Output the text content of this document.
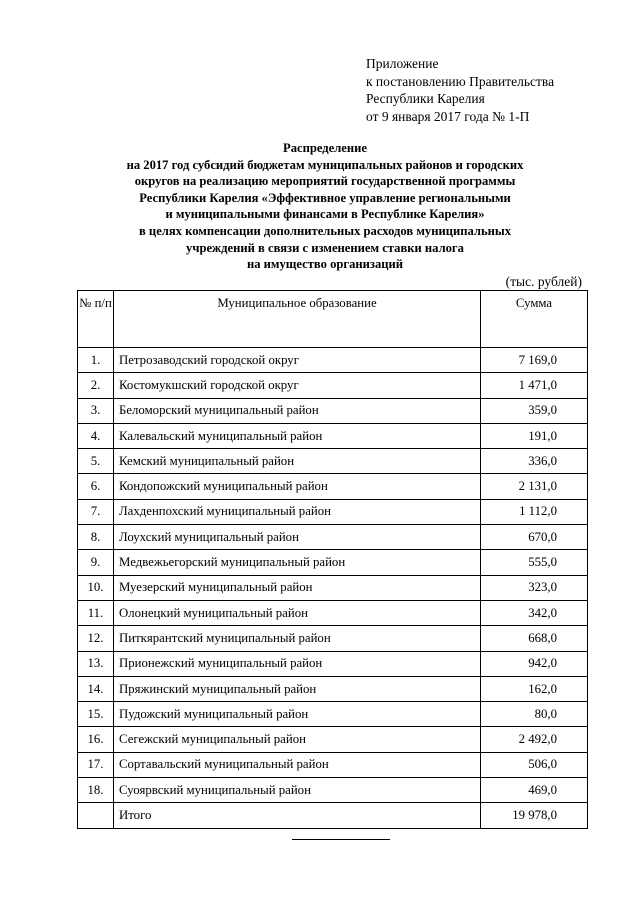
Приложение
к постановлению Правительства
Республики Карелия
от 9 января 2017 года № 1-П
Распределение
на 2017 год субсидий бюджетам муниципальных районов и городских
округов на реализацию мероприятий государственной программы
Республики Карелия «Эффективное управление региональными
и муниципальными финансами в Республике Карелия»
в целях компенсации дополнительных расходов муниципальных
учреждений в связи с изменением ставки налога
на имущество организаций
(тыс. рублей)
№ п/п	Муниципальное образование	Сумма
1.	Петрозаводский городской округ	7 169,0
2.	Костомукшский городской округ	1 471,0
3.	Беломорский муниципальный район	359,0
4.	Калевальский муниципальный район	191,0
5.	Кемский муниципальный район	336,0
6.	Кондопожский муниципальный район	2 131,0
7.	Лахденпохский муниципальный район	1 112,0
8.	Лоухский муниципальный район	670,0
9.	Медвежьегорский муниципальный район	555,0
10.	Муезерский муниципальный район	323,0
11.	Олонецкий муниципальный район	342,0
12.	Питкярантский муниципальный район	668,0
13.	Прионежский муниципальный район	942,0
14.	Пряжинский муниципальный район	162,0
15.	Пудожский муниципальный район	80,0
16.	Сегежский муниципальный район	2 492,0
17.	Сортавальский муниципальный район	506,0
18.	Суоярвский муниципальный район	469,0
	Итого	19 978,0
